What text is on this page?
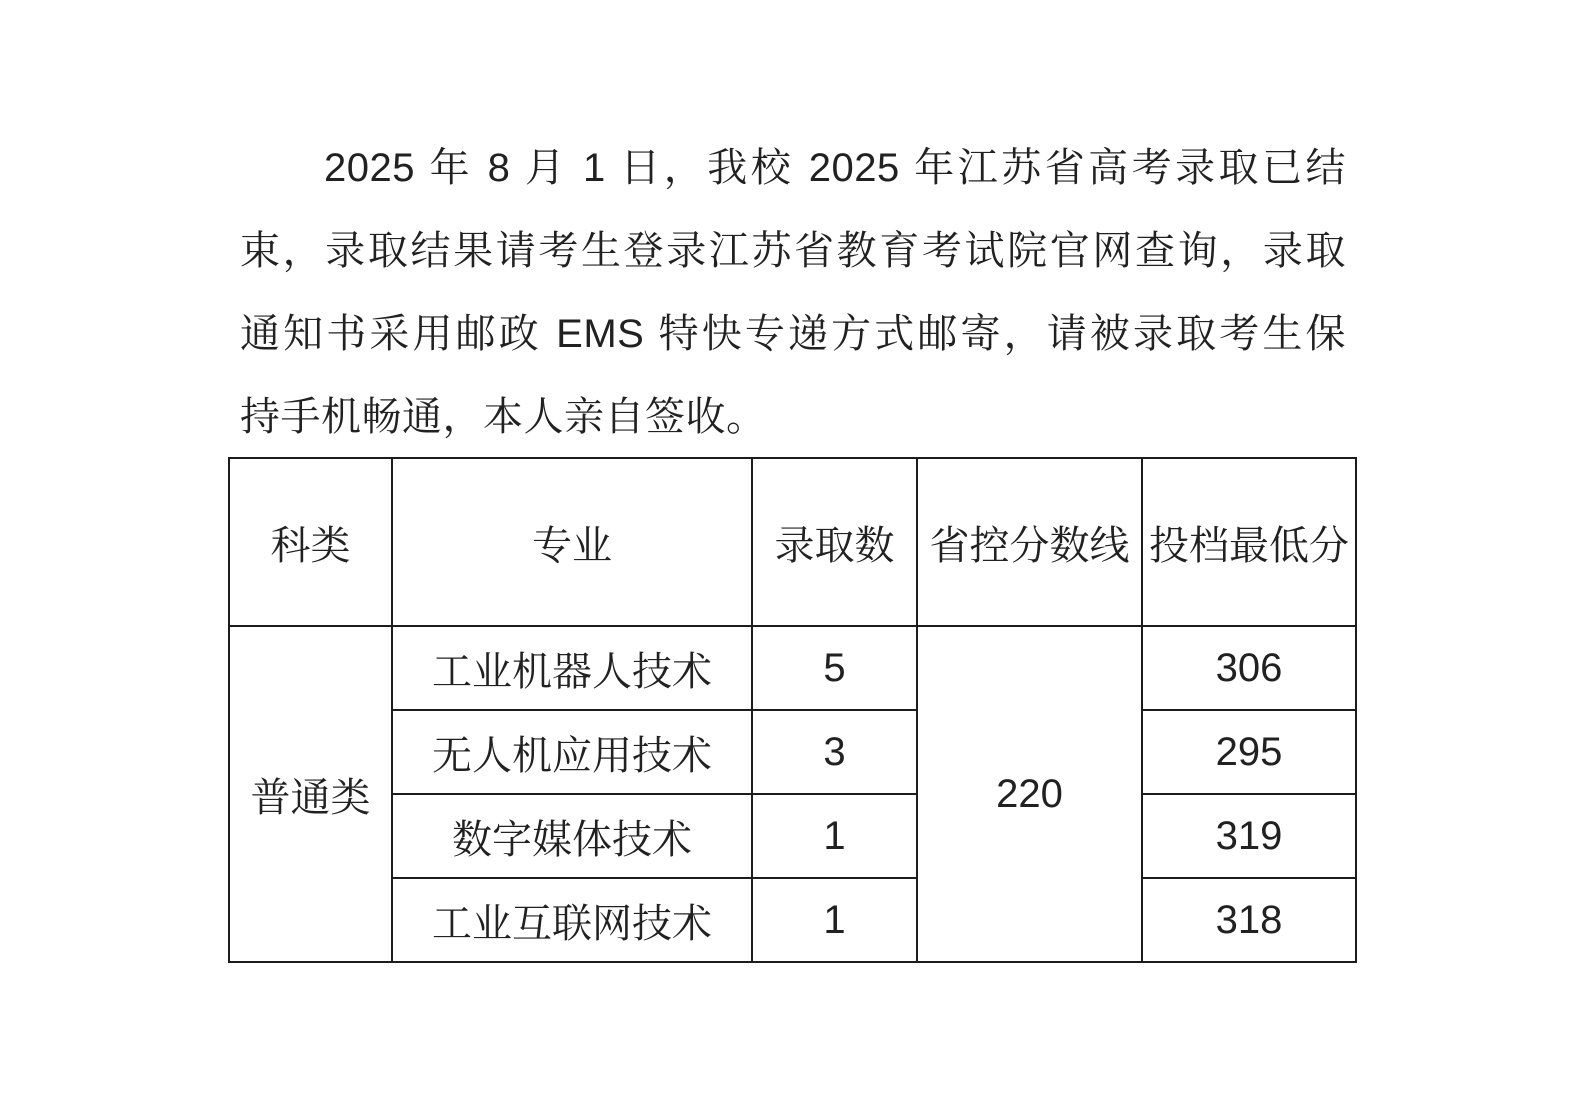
2025 年 8 月 1 日，我校 2025 年江苏省高考录取已结

束，录取结果请考生登录江苏省教育考试院官网查询，录取

通知书采用邮政 EMS 特快专递方式邮寄，请被录取考生保

持手机畅通，本人亲自签收。

科类	专业	录取数	省控分数线	投档最低分
普通类	工业机器人技术	5	220	306
	无人机应用技术	3		295
	数字媒体技术	1		319
	工业互联网技术	1		318
